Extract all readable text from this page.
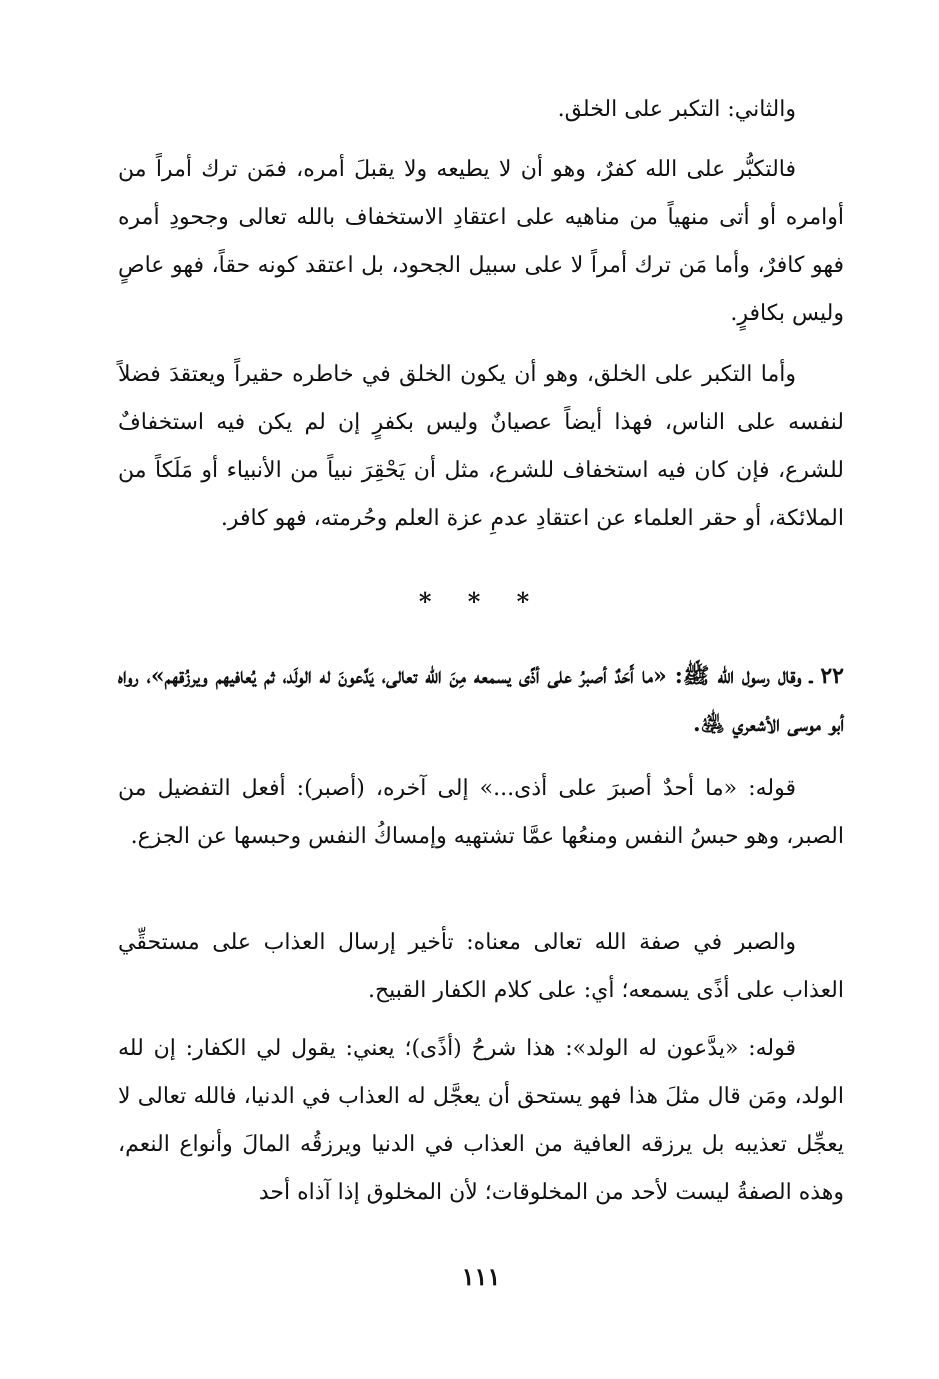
والثاني: التكبر على الخلق.

فالتكبُّر على الله كفرٌ، وهو أن لا يطيعه ولا يقبلَ أمره، فمَن ترك أمراً من أوامره أو أتى منهياً من مناهيه على اعتقادِ الاستخفاف بالله تعالى وجحودِ أمره فهو كافرٌ، وأما مَن ترك أمراً لا على سبيل الجحود، بل اعتقد كونه حقاً، فهو عاصٍ وليس بكافرٍ.

وأما التكبر على الخلق، وهو أن يكون الخلق في خاطره حقيراً ويعتقدَ فضلاً لنفسه على الناس، فهذا أيضاً عصيانٌ وليس بكفرٍ إن لم يكن فيه استخفافٌ للشرع، فإن كان فيه استخفاف للشرع، مثل أن يَحْقِرَ نبياً من الأنبياء أو مَلَكاً من الملائكة، أو حقر العلماء عن اعتقادِ عدمِ عزة العلم وحُرمته، فهو كافر.

* * *

٢٢ ـ وقال رسول الله ﷺ: «ما أَحَدٌ أصبرُ على أذًى يسمعه مِنَ الله تعالى، يَدَّعونَ له الولَد، ثم يُعافيهم ويرزُقهم»، رواه أبو موسى الأشعري ﵁.

قوله: «ما أحدٌ أصبرَ على أذى...» إلى آخره، (أصبر): أفعل التفضيل من الصبر، وهو حبسُ النفس ومنعُها عمَّا تشتهيه وإمساكُ النفس وحبسها عن الجزع.

والصبر في صفة الله تعالى معناه: تأخير إرسال العذاب على مستحقِّي العذاب على أذًى يسمعه؛ أي: على كلام الكفار القبيح.

قوله: «يدَّعون له الولد»: هذا شرحُ (أذًى)؛ يعني: يقول لي الكفار: إن لله الولد، ومَن قال مثلَ هذا فهو يستحق أن يعجَّل له العذاب في الدنيا، فالله تعالى لا يعجِّل تعذيبه بل يرزقه العافية من العذاب في الدنيا ويرزقُه المالَ وأنواع النعم، وهذه الصفةُ ليست لأحد من المخلوقات؛ لأن المخلوق إذا آذاه أحد

١١١
